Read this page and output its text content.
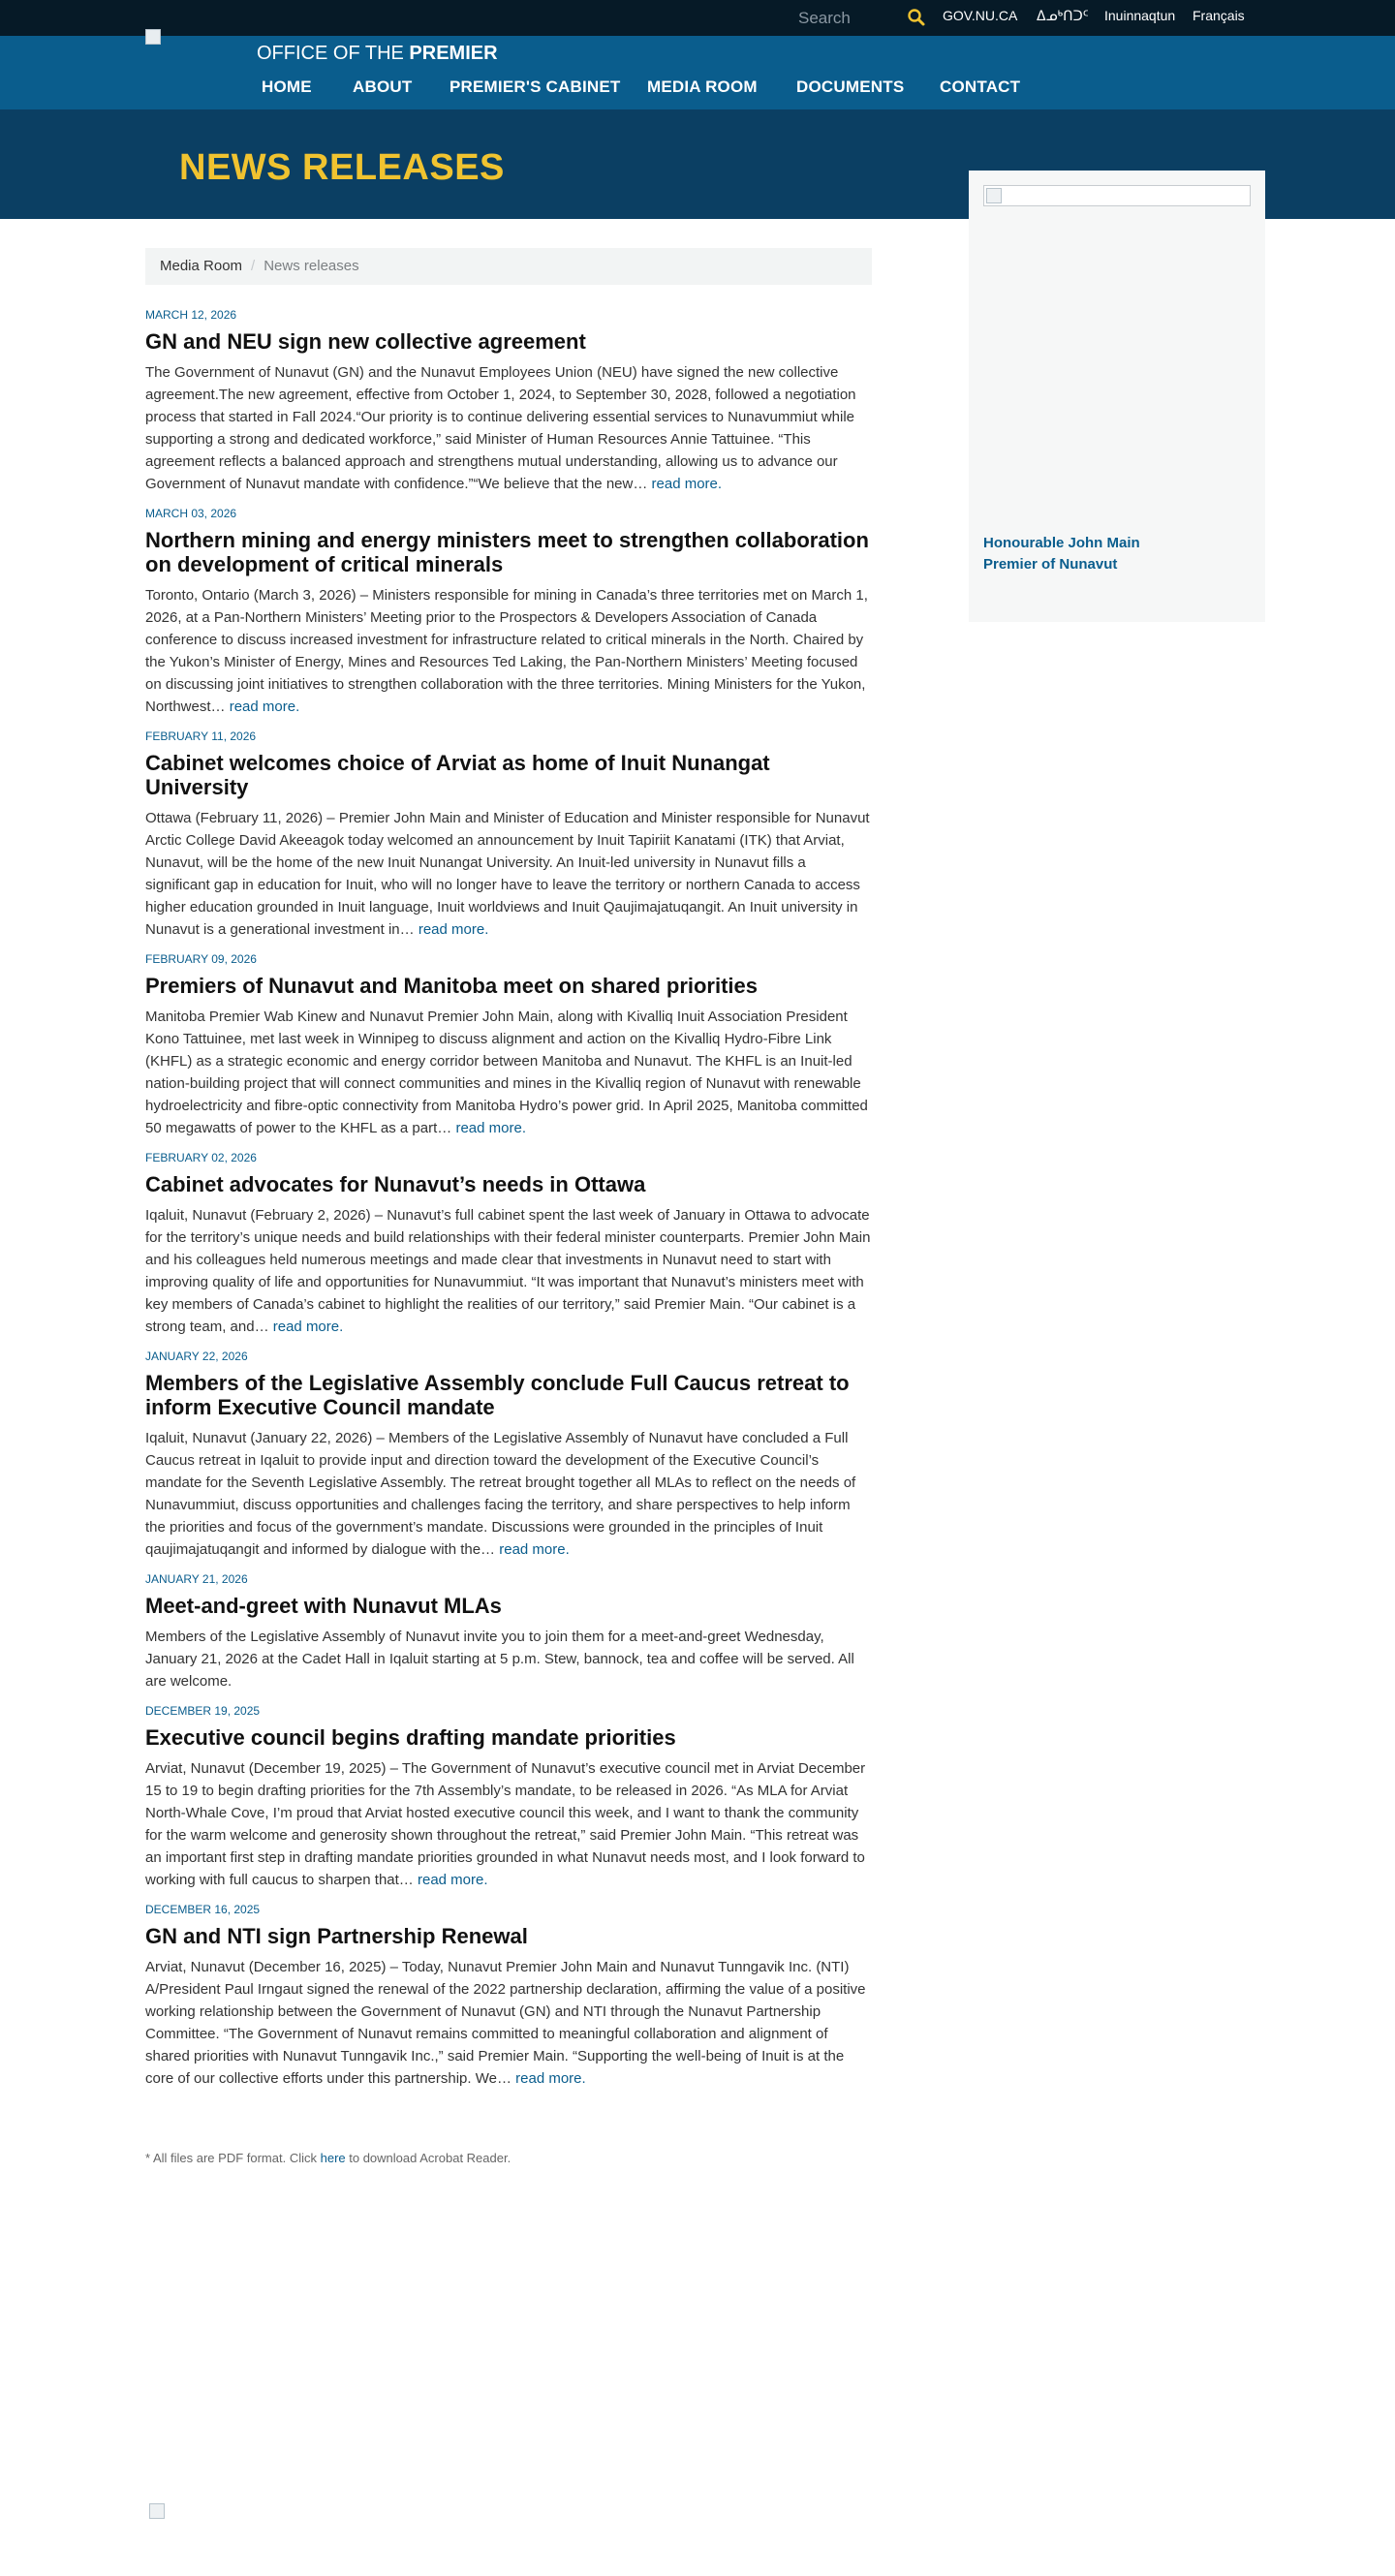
Search
GOV.NU.CA ᐃᓄᒃᑎᑐᑦ Inuinnaqtun Français
OFFICE OF THE PREMIER
HOME ABOUT PREMIER'S CABINET MEDIA ROOM DOCUMENTS CONTACT
NEWS RELEASES
Honourable John Main
Premier of Nunavut
Media Room / News releases
MARCH 12, 2026
GN and NEU sign new collective agreement
The Government of Nunavut (GN) and the Nunavut Employees Union (NEU) have signed the new collective agreement.The new agreement, effective from October 1, 2024, to September 30, 2028, followed a negotiation process that started in Fall 2024.“Our priority is to continue delivering essential services to Nunavummiut while supporting a strong and dedicated workforce,” said Minister of Human Resources Annie Tattuinee. “This agreement reflects a balanced approach and strengthens mutual understanding, allowing us to advance our Government of Nunavut mandate with confidence.”“We believe that the new… read more.
MARCH 03, 2026
Northern mining and energy ministers meet to strengthen collaboration on development of critical minerals
Toronto, Ontario (March 3, 2026) – Ministers responsible for mining in Canada’s three territories met on March 1, 2026, at a Pan-Northern Ministers’ Meeting prior to the Prospectors & Developers Association of Canada conference to discuss increased investment for infrastructure related to critical minerals in the North. Chaired by the Yukon’s Minister of Energy, Mines and Resources Ted Laking, the Pan-Northern Ministers’ Meeting focused on discussing joint initiatives to strengthen collaboration with the three territories. Mining Ministers for the Yukon, Northwest… read more.
FEBRUARY 11, 2026
Cabinet welcomes choice of Arviat as home of Inuit Nunangat University
Ottawa (February 11, 2026) – Premier John Main and Minister of Education and Minister responsible for Nunavut Arctic College David Akeeagok today welcomed an announcement by Inuit Tapiriit Kanatami (ITK) that Arviat, Nunavut, will be the home of the new Inuit Nunangat University. An Inuit-led university in Nunavut fills a significant gap in education for Inuit, who will no longer have to leave the territory or northern Canada to access higher education grounded in Inuit language, Inuit worldviews and Inuit Qaujimajatuqangit. An Inuit university in Nunavut is a generational investment in… read more.
FEBRUARY 09, 2026
Premiers of Nunavut and Manitoba meet on shared priorities
Manitoba Premier Wab Kinew and Nunavut Premier John Main, along with Kivalliq Inuit Association President Kono Tattuinee, met last week in Winnipeg to discuss alignment and action on the Kivalliq Hydro-Fibre Link (KHFL) as a strategic economic and energy corridor between Manitoba and Nunavut. The KHFL is an Inuit-led nation-building project that will connect communities and mines in the Kivalliq region of Nunavut with renewable hydroelectricity and fibre-optic connectivity from Manitoba Hydro’s power grid. In April 2025, Manitoba committed 50 megawatts of power to the KHFL as a part… read more.
FEBRUARY 02, 2026
Cabinet advocates for Nunavut’s needs in Ottawa
Iqaluit, Nunavut (February 2, 2026) – Nunavut’s full cabinet spent the last week of January in Ottawa to advocate for the territory’s unique needs and build relationships with their federal minister counterparts. Premier John Main and his colleagues held numerous meetings and made clear that investments in Nunavut need to start with improving quality of life and opportunities for Nunavummiut. “It was important that Nunavut’s ministers meet with key members of Canada’s cabinet to highlight the realities of our territory,” said Premier Main. “Our cabinet is a strong team, and… read more.
JANUARY 22, 2026
Members of the Legislative Assembly conclude Full Caucus retreat to inform Executive Council mandate
Iqaluit, Nunavut (January 22, 2026) – Members of the Legislative Assembly of Nunavut have concluded a Full Caucus retreat in Iqaluit to provide input and direction toward the development of the Executive Council’s mandate for the Seventh Legislative Assembly. The retreat brought together all MLAs to reflect on the needs of Nunavummiut, discuss opportunities and challenges facing the territory, and share perspectives to help inform the priorities and focus of the government’s mandate. Discussions were grounded in the principles of Inuit qaujimajatuqangit and informed by dialogue with the… read more.
JANUARY 21, 2026
Meet-and-greet with Nunavut MLAs
Members of the Legislative Assembly of Nunavut invite you to join them for a meet-and-greet Wednesday, January 21, 2026 at the Cadet Hall in Iqaluit starting at 5 p.m. Stew, bannock, tea and coffee will be served. All are welcome.
DECEMBER 19, 2025
Executive council begins drafting mandate priorities
Arviat, Nunavut (December 19, 2025) – The Government of Nunavut’s executive council met in Arviat December 15 to 19 to begin drafting priorities for the 7th Assembly’s mandate, to be released in 2026. “As MLA for Arviat North-Whale Cove, I’m proud that Arviat hosted executive council this week, and I want to thank the community for the warm welcome and generosity shown throughout the retreat,” said Premier John Main. “This retreat was an important first step in drafting mandate priorities grounded in what Nunavut needs most, and I look forward to working with full caucus to sharpen that… read more.
DECEMBER 16, 2025
GN and NTI sign Partnership Renewal
Arviat, Nunavut (December 16, 2025) – Today, Nunavut Premier John Main and Nunavut Tunngavik Inc. (NTI) A/President Paul Irngaut signed the renewal of the 2022 partnership declaration, affirming the value of a positive working relationship between the Government of Nunavut (GN) and NTI through the Nunavut Partnership Committee. “The Government of Nunavut remains committed to meaningful collaboration and alignment of shared priorities with Nunavut Tunngavik Inc.,” said Premier Main. “Supporting the well-being of Inuit is at the core of our collective efforts under this partnership. We… read more.
* All files are PDF format. Click here to download Acrobat Reader.
